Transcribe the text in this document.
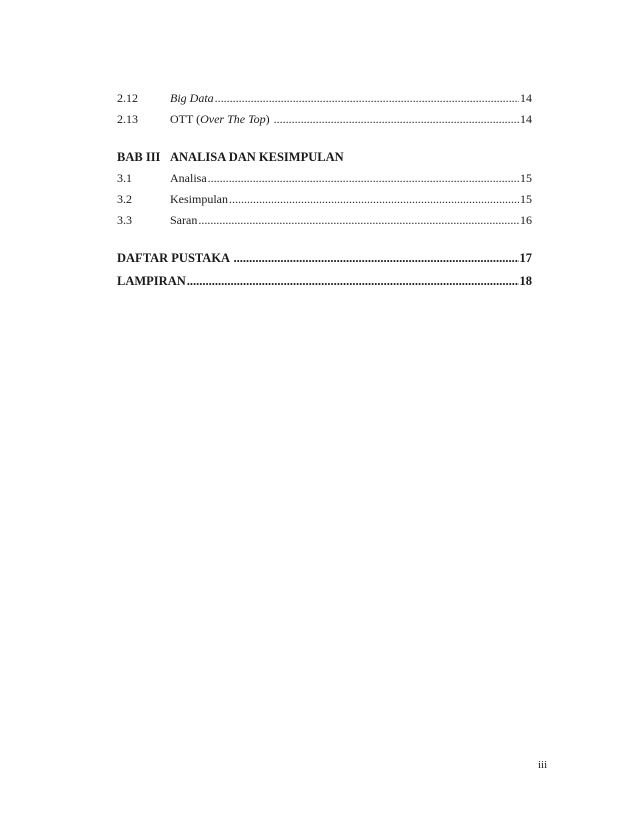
2.12	Big Data .....	14
2.13	OTT (Over The Top) .....	14
BAB III ANALISA DAN KESIMPULAN
3.1	Analisa .....	15
3.2	Kesimpulan .....	15
3.3	Saran .....	16
DAFTAR PUSTAKA .....	17
LAMPIRAN .....	18
iii
